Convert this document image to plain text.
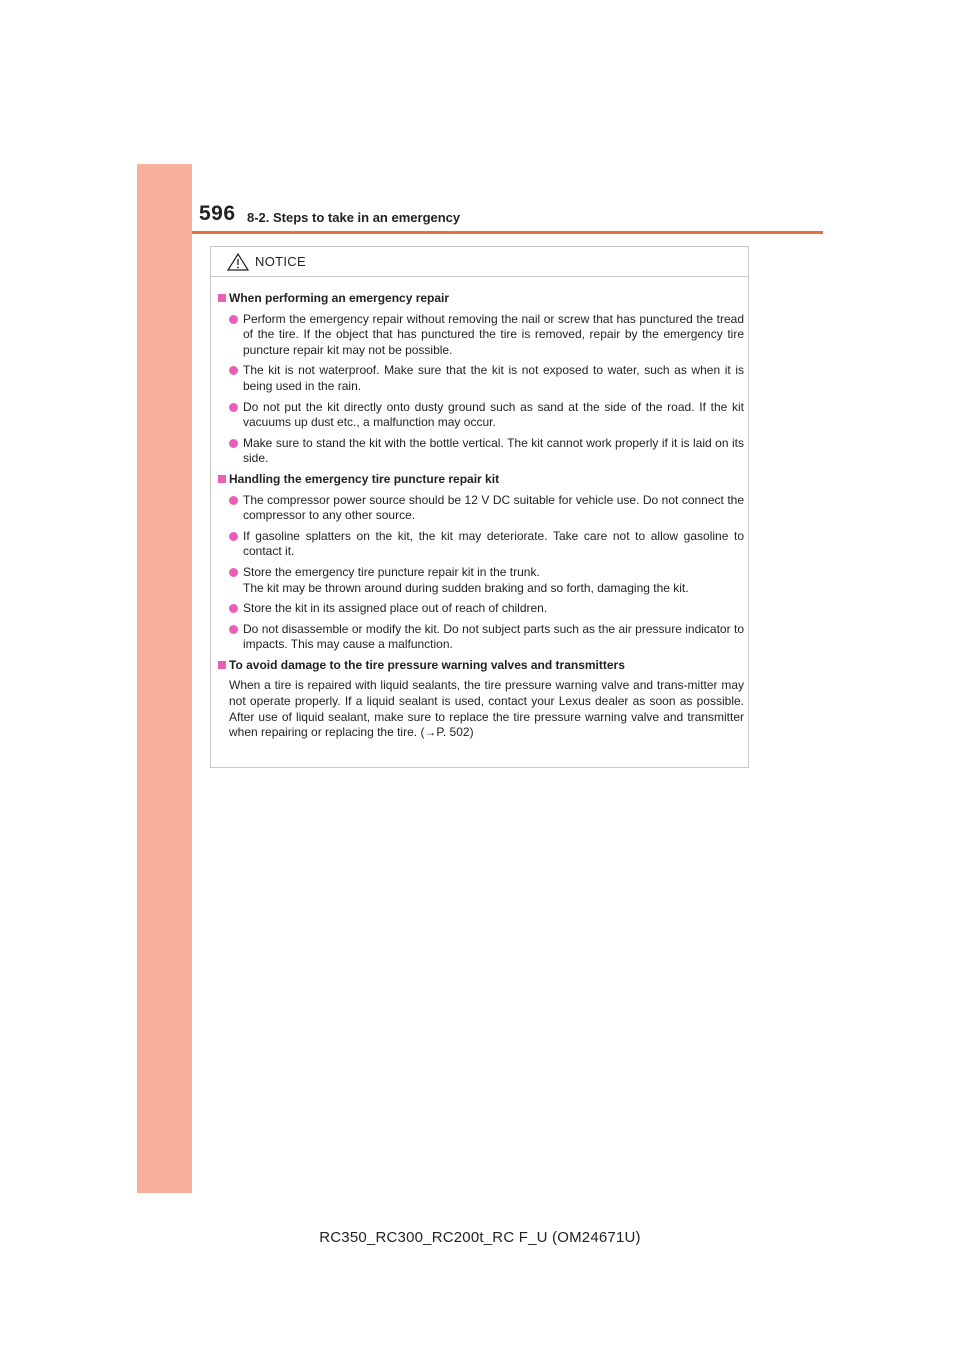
596 8-2. Steps to take in an emergency
NOTICE
When performing an emergency repair
Perform the emergency repair without removing the nail or screw that has punctured the tread of the tire. If the object that has punctured the tire is removed, repair by the emergency tire puncture repair kit may not be possible.
The kit is not waterproof. Make sure that the kit is not exposed to water, such as when it is being used in the rain.
Do not put the kit directly onto dusty ground such as sand at the side of the road. If the kit vacuums up dust etc., a malfunction may occur.
Make sure to stand the kit with the bottle vertical. The kit cannot work properly if it is laid on its side.
Handling the emergency tire puncture repair kit
The compressor power source should be 12 V DC suitable for vehicle use. Do not connect the compressor to any other source.
If gasoline splatters on the kit, the kit may deteriorate. Take care not to allow gasoline to contact it.
Store the emergency tire puncture repair kit in the trunk.
The kit may be thrown around during sudden braking and so forth, damaging the kit.
Store the kit in its assigned place out of reach of children.
Do not disassemble or modify the kit. Do not subject parts such as the air pressure indicator to impacts. This may cause a malfunction.
To avoid damage to the tire pressure warning valves and transmitters
When a tire is repaired with liquid sealants, the tire pressure warning valve and trans-mitter may not operate properly. If a liquid sealant is used, contact your Lexus dealer as soon as possible. After use of liquid sealant, make sure to replace the tire pressure warning valve and transmitter when repairing or replacing the tire. (→P. 502)
RC350_RC300_RC200t_RC F_U (OM24671U)
